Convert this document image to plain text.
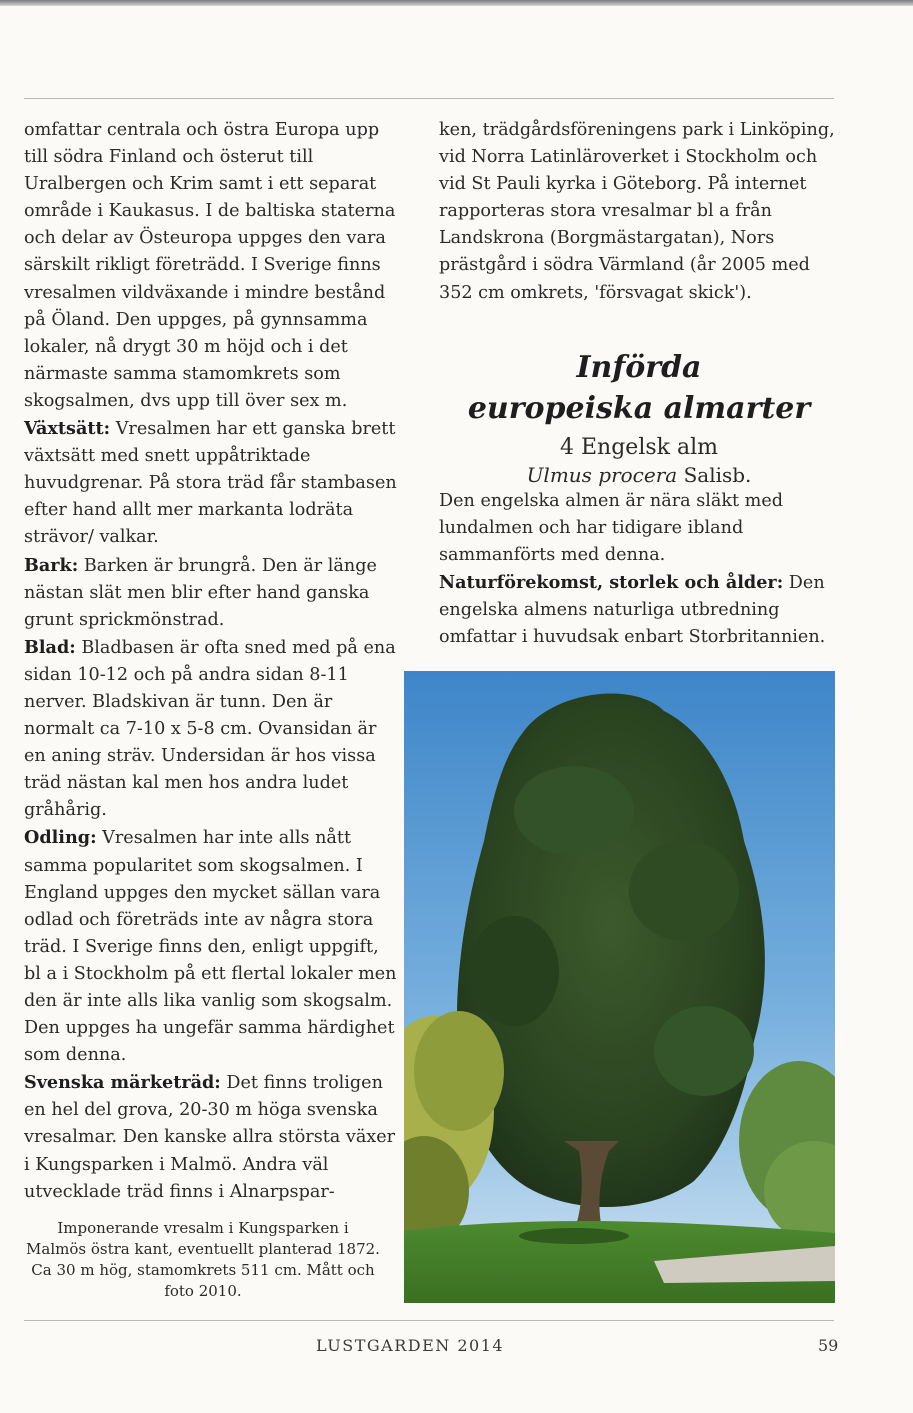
omfattar centrala och östra Europa upp till södra Finland och österut till Uralbergen och Krim samt i ett separat område i Kaukasus. I de baltiska staterna och delar av Östeuropa uppges den vara särskilt rikligt företrädd. I Sverige finns vresalmen vildväxande i mindre bestånd på Öland. Den uppges, på gynnsamma lokaler, nå drygt 30 m höjd och i det närmaste samma stamomkrets som skogsalmen, dvs upp till över sex m.

Växtsätt: Vresalmen har ett ganska brett växtsätt med snett uppåtriktade huvudgrenar. På stora träd får stambasen efter hand allt mer markanta lodräta strävor/ valkar.

Bark: Barken är brungrå. Den är länge nästan slät men blir efter hand ganska grunt sprickmönstrad.

Blad: Bladbasen är ofta sned med på ena sidan 10-12 och på andra sidan 8-11 nerver. Bladskivan är tunn. Den är normalt ca 7-10 x 5-8 cm. Ovansidan är en aning sträv. Undersidan är hos vissa träd nästan kal men hos andra ludet gråhårig.

Odling: Vresalmen har inte alls nått samma popularitet som skogsalmen. I England uppges den mycket sällan vara odlad och företräds inte av några stora träd. I Sverige finns den, enligt uppgift, bl a i Stockholm på ett flertal lokaler men den är inte alls lika vanlig som skogsalm. Den uppges ha ungefär samma härdighet som denna.

Svenska märketräd: Det finns troligen en hel del grova, 20-30 m höga svenska vresalmar. Den kanske allra största växer i Kungsparken i Malmö. Andra väl utvecklade träd finns i Alnarpspar-

ken, trädgårdsföreningens park i Linköping, vid Norra Latinläroverket i Stockholm och vid St Pauli kyrka i Göteborg. På internet rapporteras stora vresalmar bl a från Landskrona (Borgmästargatan), Nors prästgård i södra Värmland (år 2005 med 352 cm omkrets, 'försvagat skick').

Införda
europeiska almarter
4 Engelsk alm
Ulmus procera Salisb.

Den engelska almen är nära släkt med lundalmen och har tidigare ibland sammanförts med denna.

Naturförekomst, storlek och ålder: Den engelska almens naturliga utbredning omfattar i huvudsak enbart Storbritannien.

Imponerande vresalm i Kungsparken i Malmös östra kant, eventuellt planterad 1872. Ca 30 m hög, stamomkrets 511 cm. Mått och foto 2010.
LUSTGARDEN 2014	59
